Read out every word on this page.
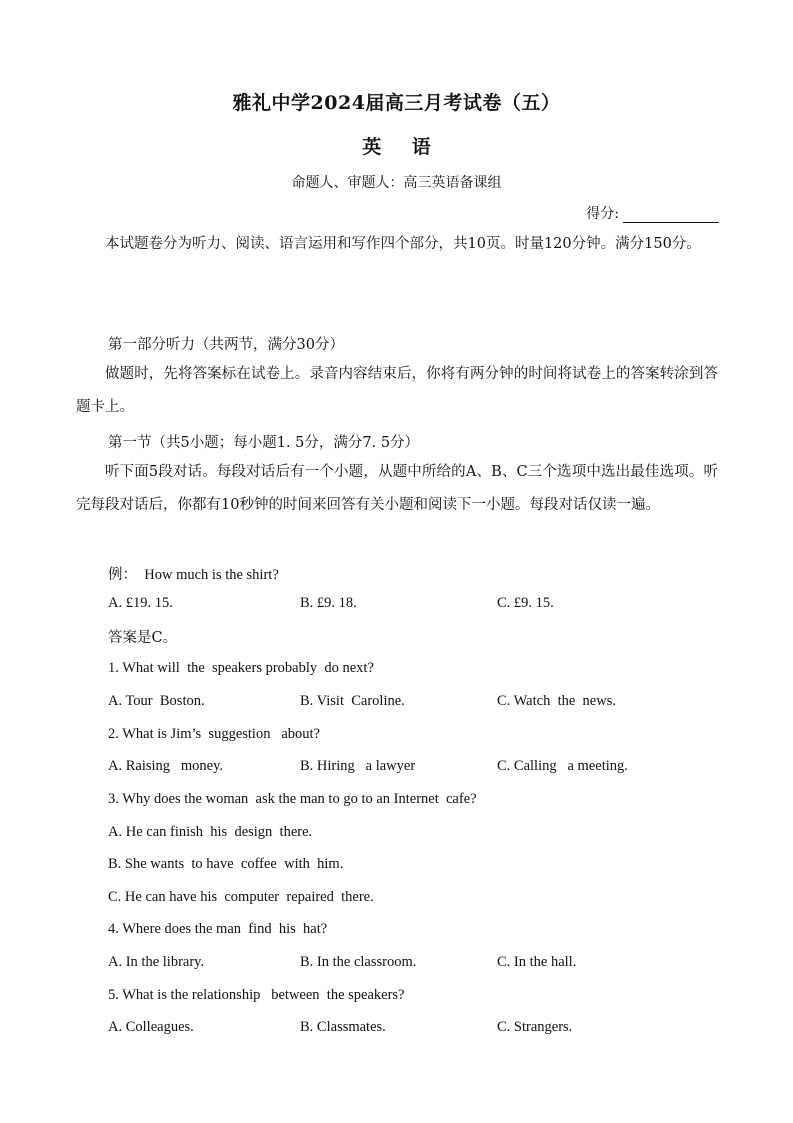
雅礼中学2024届高三月考试卷（五）
英 语
命题人、审题人：高三英语备课组
得分:
本试题卷分为听力、阅读、语言运用和写作四个部分，共10页。时量120分钟。满分150分。
第一部分听力（共两节，满分30分）
做题时，先将答案标在试卷上。录音内容结束后，你将有两分钟的时间将试卷上的答案转涂到答题卡上。
第一节（共5小题；每小题1. 5分，满分7. 5分）
听下面5段对话。每段对话后有一个小题，从题中所给的A、B、C三个选项中选出最佳选项。听完每段对话后，你都有10秒钟的时间来回答有关小题和阅读下一小题。每段对话仅读一遍。
例：  How much is the shirt?
A. £19. 15.	B. £9. 18.	C. £9. 15.
答案是C。
1. What will  the  speakers probably  do next?
A. Tour  Boston.	B. Visit  Caroline.	C. Watch  the  news.
2. What is Jim’s  suggestion   about?
A. Raising   money.	B. Hiring   a lawyer	C. Calling   a meeting.
3. Why does the woman  ask the man to go to an Internet  cafe?
A. He can finish  his  design  there.
B. She wants  to have  coffee  with  him.
C. He can have his  computer  repaired  there.
4. Where does the man  find  his  hat?
A. In the library.	B. In the classroom.	C. In the hall.
5. What is the relationship   between  the speakers?
A. Colleagues.	B. Classmates.	C. Strangers.
